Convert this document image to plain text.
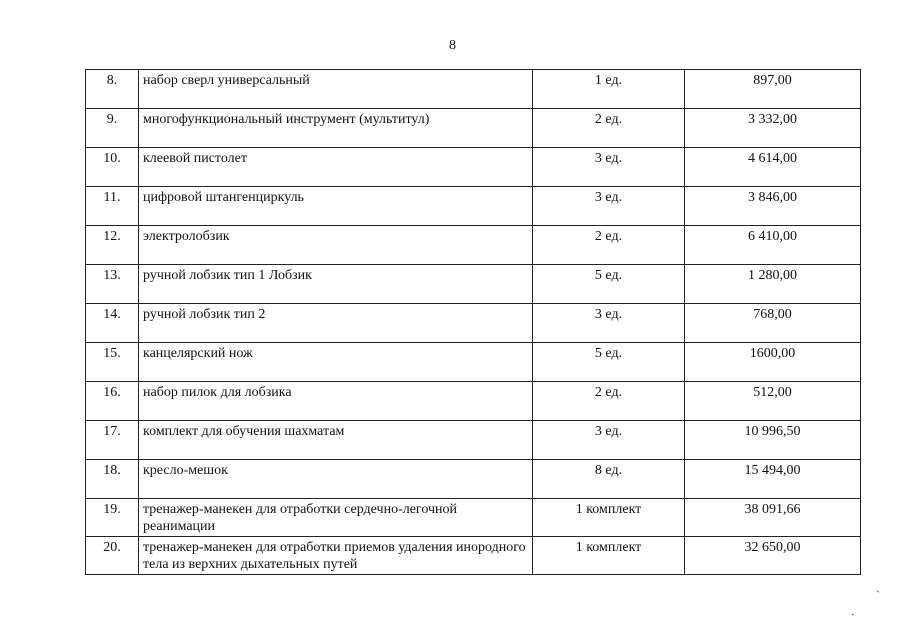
8
8.	набор сверл универсальный	1 ед.	897,00
9.	многофункциональный инструмент (мультитул)	2 ед.	3 332,00
10.	клеевой пистолет	3 ед.	4 614,00
11.	цифровой штангенциркуль	3 ед.	3 846,00
12.	электролобзик	2 ед.	6 410,00
13.	ручной лобзик тип 1 Лобзик	5 ед.	1 280,00
14.	ручной лобзик тип 2	3 ед.	768,00
15.	канцелярский нож	5 ед.	1600,00
16.	набор пилок для лобзика	2 ед.	512,00
17.	комплект для обучения шахматам	3 ед.	10 996,50
18.	кресло-мешок	8 ед.	15 494,00
19.	тренажер-манекен для отработки сердечно-легочной реанимации	1 комплект	38 091,66
20.	тренажер-манекен для отработки приемов удаления инородного тела из верхних дыхательных путей	1 комплект	32 650,00
ˋ
ˋ
